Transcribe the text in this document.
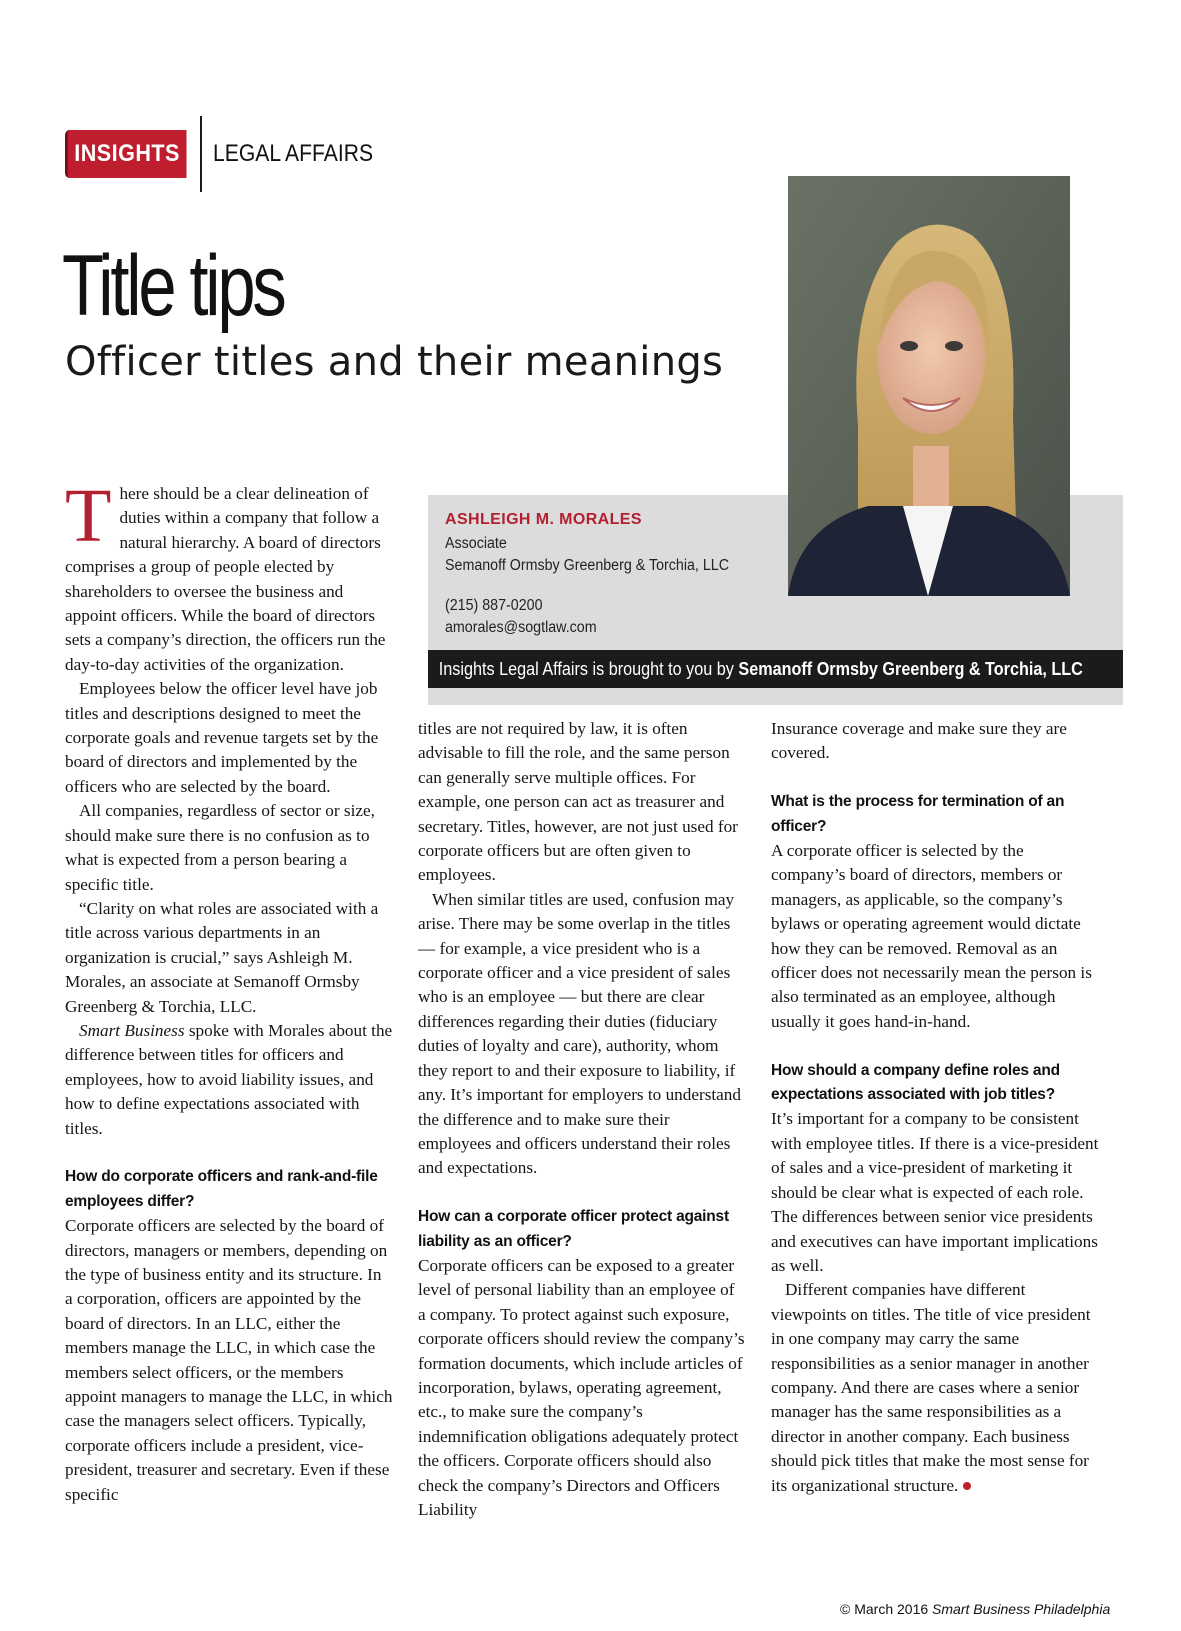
INSIGHTS LEGAL AFFAIRS
Title tips
Officer titles and their meanings
ASHLEIGH M. MORALES
Associate
Semanoff Ormsby Greenberg & Torchia, LLC
(215) 887-0200
amorales@sogtlaw.com
Insights Legal Affairs is brought to you by Semanoff Ormsby Greenberg & Torchia, LLC

There should be a clear delineation of duties within a company that follow a natural hierarchy. A board of directors comprises a group of people elected by shareholders to oversee the business and appoint officers. While the board of directors sets a company’s direction, the officers run the day-to-day activities of the organization.

Employees below the officer level have job titles and descriptions designed to meet the corporate goals and revenue targets set by the board of directors and implemented by the officers who are selected by the board.

All companies, regardless of sector or size, should make sure there is no confusion as to what is expected from a person bearing a specific title.

“Clarity on what roles are associated with a title across various departments in an organization is crucial,” says Ashleigh M. Morales, an associate at Semanoff Ormsby Greenberg & Torchia, LLC.

Smart Business spoke with Morales about the difference between titles for officers and employees, how to avoid liability issues, and how to define expectations associated with titles.

How do corporate officers and rank-and-file employees differ?

Corporate officers are selected by the board of directors, managers or members, depending on the type of business entity and its structure. In a corporation, officers are appointed by the board of directors. In an LLC, either the members manage the LLC, in which case the members select officers, or the members appoint managers to manage the LLC, in which case the managers select officers. Typically, corporate officers include a president, vice-president, treasurer and secretary. Even if these specific

titles are not required by law, it is often advisable to fill the role, and the same person can generally serve multiple offices. For example, one person can act as treasurer and secretary. Titles, however, are not just used for corporate officers but are often given to employees.

When similar titles are used, confusion may arise. There may be some overlap in the titles — for example, a vice president who is a corporate officer and a vice president of sales who is an employee — but there are clear differences regarding their duties (fiduciary duties of loyalty and care), authority, whom they report to and their exposure to liability, if any. It’s important for employers to understand the difference and to make sure their employees and officers understand their roles and expectations.

How can a corporate officer protect against liability as an officer?

Corporate officers can be exposed to a greater level of personal liability than an employee of a company. To protect against such exposure, corporate officers should review the company’s formation documents, which include articles of incorporation, bylaws, operating agreement, etc., to make sure the company’s indemnification obligations adequately protect the officers. Corporate officers should also check the company’s Directors and Officers Liability

Insurance coverage and make sure they are covered.

What is the process for termination of an officer?

A corporate officer is selected by the company’s board of directors, members or managers, as applicable, so the company’s bylaws or operating agreement would dictate how they can be removed. Removal as an officer does not necessarily mean the person is also terminated as an employee, although usually it goes hand-in-hand.

How should a company define roles and expectations associated with job titles?

It’s important for a company to be consistent with employee titles. If there is a vice-president of sales and a vice-president of marketing it should be clear what is expected of each role. The differences between senior vice presidents and executives can have important implications as well.

Different companies have different viewpoints on titles. The title of vice president in one company may carry the same responsibilities as a senior manager in another company. And there are cases where a senior manager has the same responsibilities as a director in another company. Each business should pick titles that make the most sense for its organizational structure.

© March 2016 Smart Business Philadelphia
